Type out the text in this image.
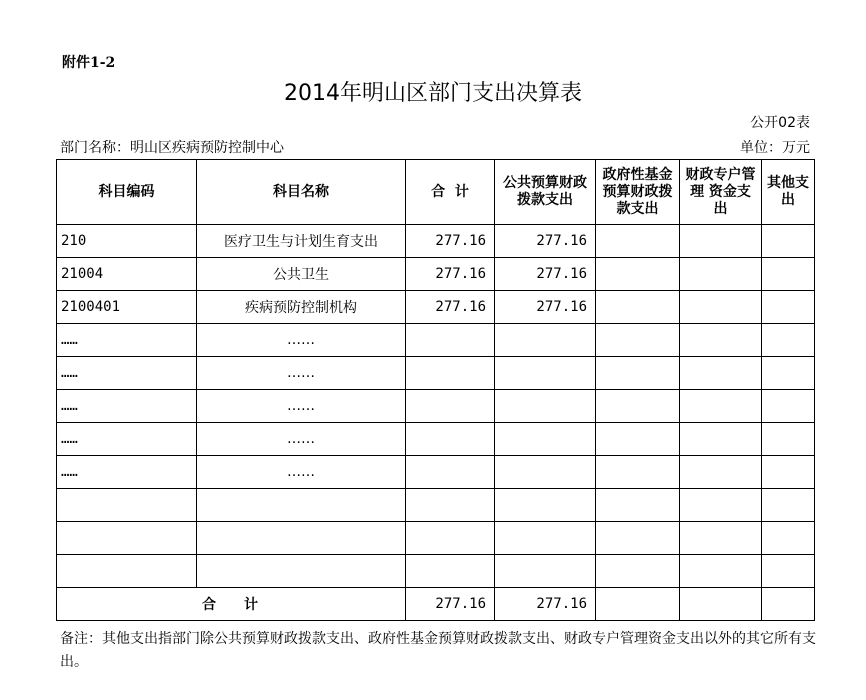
附件1-2
2014年明山区部门支出决算表
公开02表
部门名称：明山区疾病预防控制中心	单位：万元
科目编码	科目名称	合  计	公共预算财政拨款支出	政府性基金预算财政拨款支出	财政专户管理 资金支出	其他支出
210	医疗卫生与计划生育支出	277.16	277.16			
21004	公共卫生	277.16	277.16			
2100401	疾病预防控制机构	277.16	277.16			
……	……					
……	……					
……	……					
……	……					
……	……					

合 计		277.16	277.16			
备注：其他支出指部门除公共预算财政拨款支出、政府性基金预算财政拨款支出、财政专户管理资金支出以外的其它所有支出。
